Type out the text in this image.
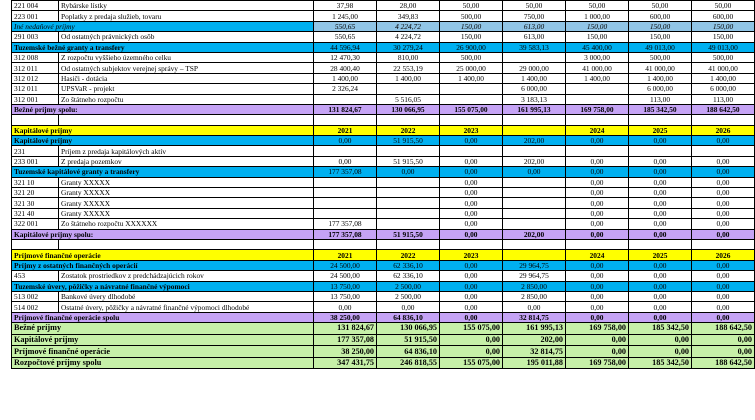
221 004	Rybárske lístky	37,98	28,00	50,00	50,00	50,00	50,00	50,00
223 001	Poplatky z predaja služieb, tovaru	1 245,00	349,83	500,00	750,00	1 000,00	600,00	600,00
Iné nedaňové príjmy		550,65	4 224,72	150,00	613,00	150,00	150,00	150,00
291 003	Od ostatných právnických osôb	550,65	4 224,72	150,00	613,00	150,00	150,00	150,00
Tuzemské bežné granty a transfery		44 596,94	30 279,24	26 900,00	39 583,13	45 400,00	49 013,00	49 013,00
312 008	Z rozpočtu vyššieho územného celku	12 470,30	810,00	500,00		3 000,00	500,00	500,00
312 011	Od ostatných subjektov verejnej správy – TSP	28 400,40	22 553,19	25 000,00	29 000,00	41 000,00	41 000,00	41 000,00
312 012	Hasiči - dotácia	1 400,00	1 400,00	1 400,00	1 400,00	1 400,00	1 400,00	1 400,00
312 011	UPSVaR - projekt	2 326,24			6 000,00		6 000,00	6 000,00
312 001	Zo štátneho rozpočtu		5 516,05		3 183,13		113,00	113,00
Bežné príjmy spolu:		131 824,67	130 066,95	155 075,00	161 995,13	169 758,00	185 342,50	188 642,50

Kapitálové príjmy		2021	2022	2023		2024	2025	2026
Kapitálové príjmy		0,00	51 915,50	0,00	202,00	0,00	0,00	0,00
231	Príjem z predaja kapitálových aktív							
233 001	Z predaja pozemkov	0,00	51 915,50	0,00	202,00	0,00	0,00	0,00
Tuzemské kapitálové granty a transfery		177 357,08	0,00	0,00	0,00	0,00	0,00	0,00
321 10	Granty XXXXX			0,00		0,00	0,00	0,00
321 20	Granty XXXXX			0,00		0,00	0,00	0,00
321 30	Granty XXXXX			0,00		0,00	0,00	0,00
321 40	Granty XXXXX			0,00		0,00	0,00	0,00
322 001	Zo štátneho rozpočtu XXXXXX	177 357,08		0,00		0,00	0,00	0,00
Kapitálové príjmy spolu:		177 357,08	51 915,50	0,00	202,00	0,00	0,00	0,00

Príjmové finančné operácie		2021	2022	2023		2024	2025	2026
Príjmy z ostatných finančných operácií		24 500,00	62 336,10	0,00	29 964,75	0,00	0,00	0,00
453	Zostatok prostriedkov z predchádzajúcich rokov	24 500,00	62 336,10	0,00	29 964,75	0,00	0,00	0,00
Tuzemské úvery, pôžičky a návratné finančné výpomoci		13 750,00	2 500,00	0,00	2 850,00	0,00	0,00	0,00
513 002	Bankové úvery dlhodobé	13 750,00	2 500,00	0,00	2 850,00	0,00	0,00	0,00
514 002	Ostatné úvery, pôžičky a návratné finančné výpomoci dlhodobé	0,00	0,00	0,00	0,00	0,00	0,00	0,00
Príjmové finančné operácie spolu		38 250,00	64 836,10	0,00	32 814,75	0,00	0,00	0,00
Bežné príjmy		131 824,67	130 066,95	155 075,00	161 995,13	169 758,00	185 342,50	188 642,50
Kapitálové príjmy		177 357,08	51 915,50	0,00	202,00	0,00	0,00	0,00
Príjmové finančné operácie		38 250,00	64 836,10	0,00	32 814,75	0,00	0,00	0,00
Rozpočtové príjmy spolu		347 431,75	246 818,55	155 075,00	195 011,88	169 758,00	185 342,50	188 642,50
